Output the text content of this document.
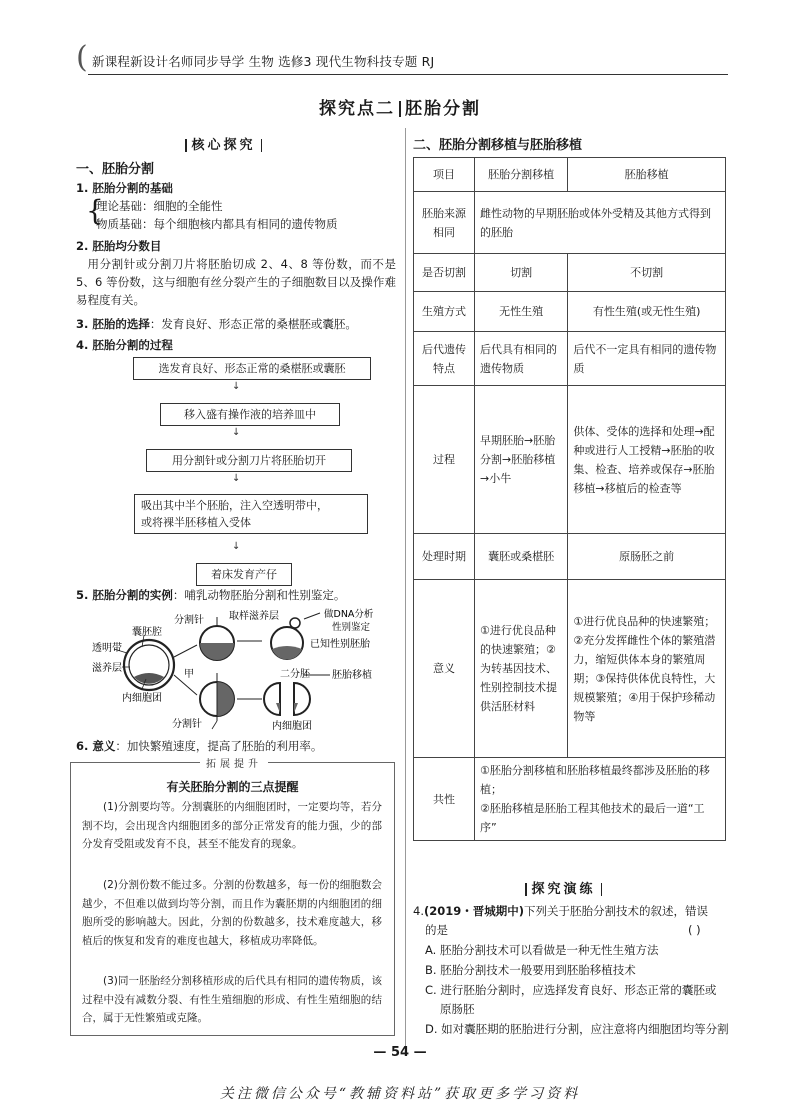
( 新课程新设计名师同步导学 生物 选修3 现代生物科技专题 RJ
探究点二 胚胎分割
核心探究
一、胚胎分割
1. 胚胎分割的基础
{
理论基础：细胞的全能性
物质基础：每个细胞核内都具有相同的遗传物质
2. 胚胎均分数目
用分割针或分割刀片将胚胎切成 2、4、8 等份数，而不是 5、6 等份数，这与细胞有丝分裂产生的子细胞数目以及操作难易程度有关。
3. 胚胎的选择：发育良好、形态正常的桑椹胚或囊胚。
4. 胚胎分割的过程
选发育良好、形态正常的桑椹胚或囊胚
↓
移入盛有操作液的培养皿中
↓
用分割针或分割刀片将胚胎切开
↓
吸出其中半个胚胎，注入空透明带中，
或将裸半胚移植入受体
↓
着床发育产仔
5. 胚胎分割的实例：哺乳动物胚胎分割和性别鉴定。
分割针	取样滋养层	做DNA分析
性别鉴定
囊胚腔
透明带
滋养层
内细胞团
甲
已知性别胚胎
二分胚 胚胎移植
分割针	内细胞团
6. 意义：加快繁殖速度，提高了胚胎的利用率。
拓展提升
有关胚胎分割的三点提醒
(1)分割要均等。分割囊胚的内细胞团时，一定要均等，若分割不均，会出现含内细胞团多的部分正常发育的能力强，少的部分发育受阻或发育不良，甚至不能发育的现象。
(2)分割份数不能过多。分割的份数越多，每一份的细胞数会越少，不但难以做到均等分割，而且作为囊胚期的内细胞团的细胞所受的影响越大。因此，分割的份数越多，技术难度越大，移植后的恢复和发育的难度也越大，移植成功率降低。
(3)同一胚胎经分割移植形成的后代具有相同的遗传物质，该过程中没有减数分裂、有性生殖细胞的形成、有性生殖细胞的结合，属于无性繁殖或克隆。
二、胚胎分割移植与胚胎移植
项目	胚胎分割移植	胚胎移植
胚胎来源相同	雌性动物的早期胚胎或体外受精及其他方式得到的胚胎	
是否切割	切割	不切割
生殖方式	无性生殖	有性生殖(或无性生殖)
后代遗传特点	后代具有相同的遗传物质	后代不一定具有相同的遗传物质
过程	早期胚胎→胚胎分割→胚胎移植→小牛	供体、受体的选择和处理→配种或进行人工授精→胚胎的收集、检查、培养或保存→胚胎移植→移植后的检查等
处理时期	囊胚或桑椹胚	原肠胚之前
意义	①进行优良品种的快速繁殖；②为转基因技术、性别控制技术提供活胚材料	①进行优良品种的快速繁殖；②充分发挥雌性个体的繁殖潜力，缩短供体本身的繁殖周期；③保持供体优良特性，大规模繁殖；④用于保护珍稀动物等
共性	①胚胎分割移植和胚胎移植最终都涉及胚胎的移植；
②胚胎移植是胚胎工程其他技术的最后一道“工序”	
探究演练
4.(2019・晋城期中)下列关于胚胎分割技术的叙述，错误
的是	( )
A. 胚胎分割技术可以看做是一种无性生殖方法
B. 胚胎分割技术一般要用到胚胎移植技术
C. 进行胚胎分割时，应选择发育良好、形态正常的囊胚或
原肠胚
D. 如对囊胚期的胚胎进行分割，应注意将内细胞团均等分割
— 54 —
关注微信公众号“教辅资料站”获取更多学习资料
